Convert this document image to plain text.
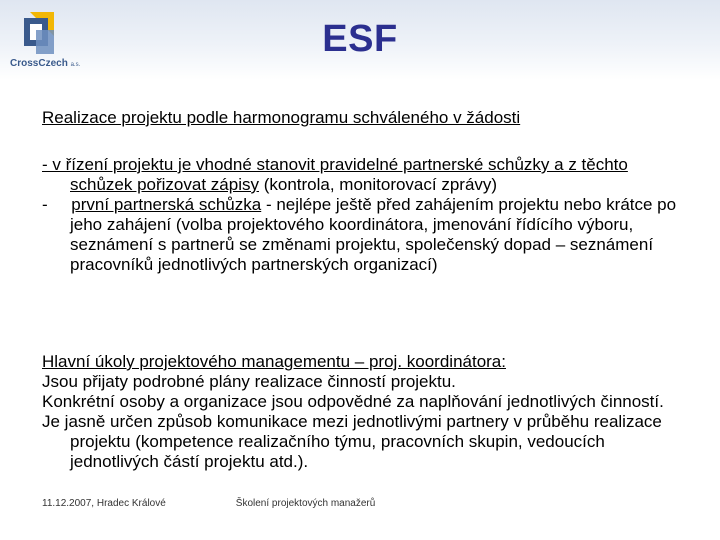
CrossCzech a.s.
ESF
Realizace projektu podle harmonogramu schváleného v žádosti

- v řízení projektu je vhodné stanovit pravidelné partnerské schůzky a z těchto schůzek pořizovat zápisy (kontrola, monitorovací zprávy)

- první partnerská schůzka - nejlépe ještě před zahájením projektu nebo krátce po jeho zahájení (volba projektového koordinátora, jmenování řídícího výboru, seznámení s partnerů se změnami projektu, společenský dopad – seznámení pracovníků jednotlivých partnerských organizací)

Hlavní úkoly projektového managementu – proj. koordinátora:

Jsou přijaty podrobné plány realizace činností projektu.

Konkrétní osoby a organizace jsou odpovědné za naplňování jednotlivých činností.

Je jasně určen způsob komunikace mezi jednotlivými partnery v průběhu realizace projektu (kompetence realizačního týmu, pracovních skupin, vedoucích jednotlivých částí projektu atd.).

11.12.2007, Hradec Králové	Školení projektových manažerů
